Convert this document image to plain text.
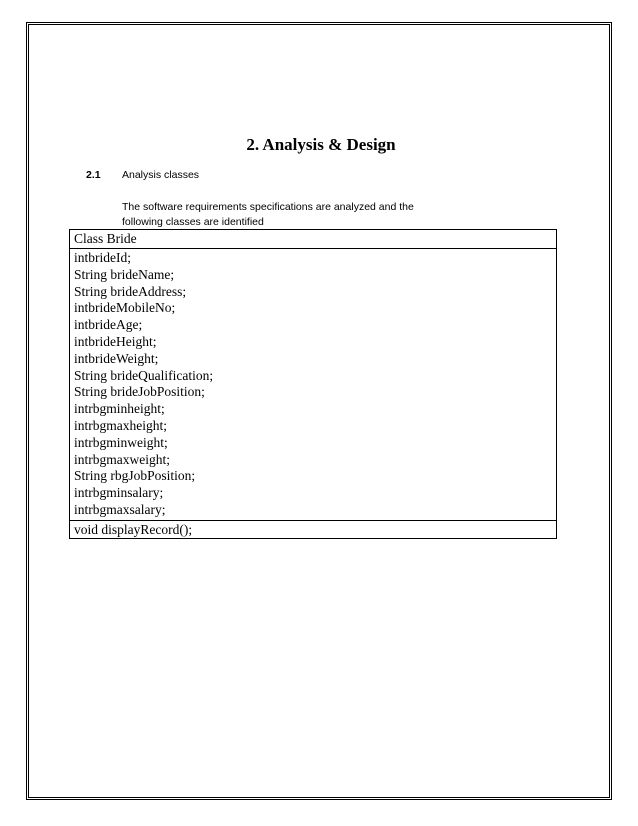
2. Analysis & Design
2.1 Analysis classes
The software requirements specifications are analyzed and the
following classes are identified
Class Bride
intbrideId;
String brideName;
String brideAddress;
intbrideMobileNo;
intbrideAge;
intbrideHeight;
intbrideWeight;
String brideQualification;
String brideJobPosition;
intrbgminheight;
intrbgmaxheight;
intrbgminweight;
intrbgmaxweight;
String rbgJobPosition;
intrbgminsalary;
intrbgmaxsalary;
void displayRecord();
